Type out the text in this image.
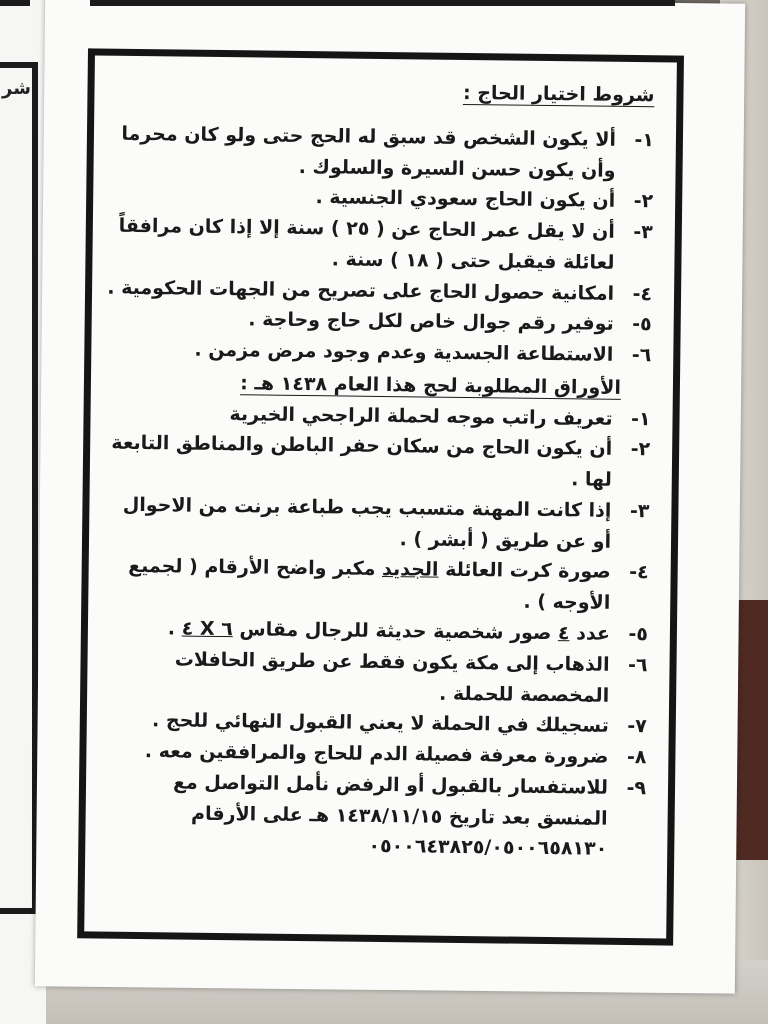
شر	شروط اختيار الحاج :
١-
ألا يكون الشخص قد سبق له الحج حتى ولو كان محرما وأن يكون حسن السيرة والسلوك .
٢-
أن يكون الحاج سعودي الجنسية .
٣-
أن لا يقل عمر الحاج عن ( ٢٥ ) سنة إلا إذا كان مرافقاً لعائلة فيقبل حتى ( ١٨ ) سنة .
٤-
امكانية حصول الحاج على تصريح من الجهات الحكومية .
٥-
توفير رقم جوال خاص لكل حاج وحاجة .
٦-
الاستطاعة الجسدية وعدم وجود مرض مزمن .
الأوراق المطلوبة لحج هذا العام ١٤٣٨ هـ :
١-
تعريف راتب موجه لحملة الراجحي الخيرية
٢-
أن يكون الحاج من سكان حفر الباطن والمناطق التابعة لها .
٣-
إذا كانت المهنة متسبب يجب طباعة برنت من الاحوال أو عن طريق ( أبشر ) .
٤-
صورة كرت العائلة الجديد مكبر واضح الأرقام ( لجميع الأوجه ) .
٥-
عدد ٤ صور شخصية حديثة للرجال مقاس ٤ X ٦ .
٦-
الذهاب إلى مكة يكون فقط عن طريق الحافلات المخصصة للحملة .
٧-
تسجيلك في الحملة لا يعني القبول النهائي للحج .
٨-
ضرورة معرفة فصيلة الدم للحاج والمرافقين معه .
٩-
للاستفسار بالقبول أو الرفض نأمل التواصل مع المنسق بعد تاريخ ١٤٣٨/١١/١٥ هـ على الأرقام
٠٥٠٠٦٤٣٨٢٥/٠٥٠٠٦٥٨١٣٠
